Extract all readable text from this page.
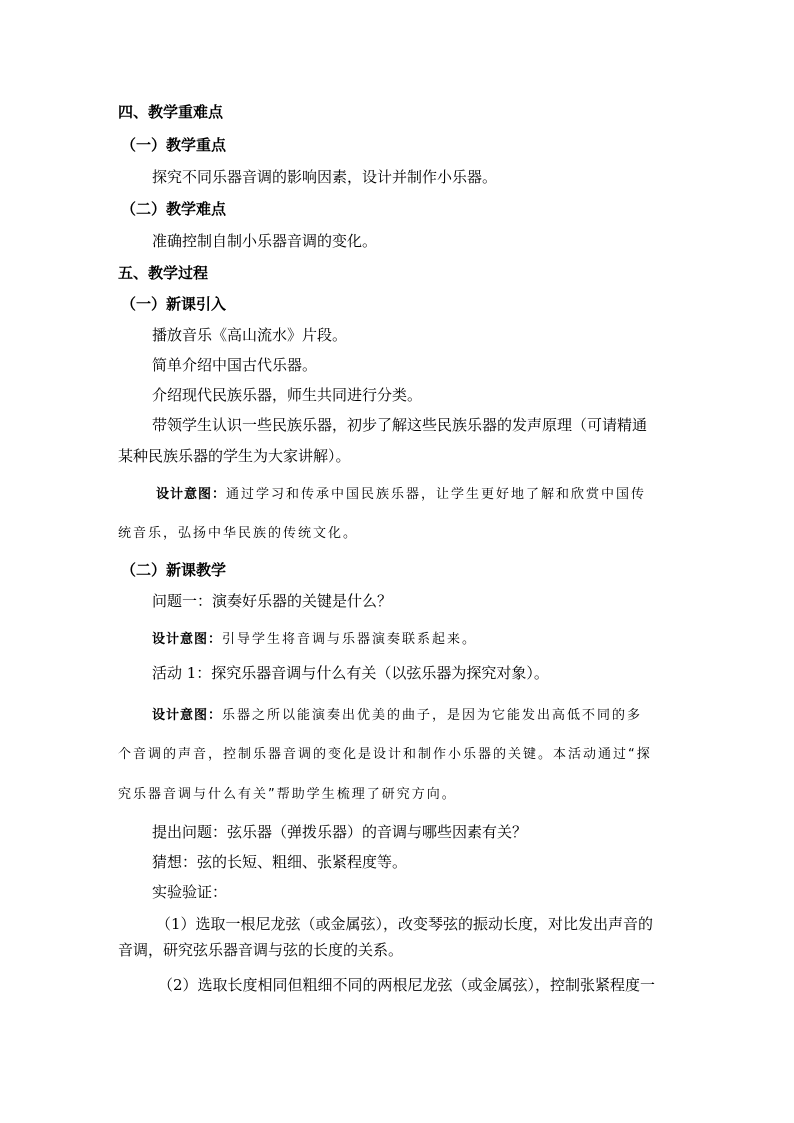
四、教学重难点
（一）教学重点
探究不同乐器音调的影响因素，设计并制作小乐器。
（二）教学难点
准确控制自制小乐器音调的变化。
五、教学过程
（一）新课引入
播放音乐《高山流水》片段。
简单介绍中国古代乐器。
介绍现代民族乐器，师生共同进行分类。
带领学生认识一些民族乐器，初步了解这些民族乐器的发声原理（可请精通
某种民族乐器的学生为大家讲解）。
设计意图：通过学习和传承中国民族乐器，让学生更好地了解和欣赏中国传
统音乐，弘扬中华民族的传统文化。
（二）新课教学
问题一：演奏好乐器的关键是什么？
设计意图：引导学生将音调与乐器演奏联系起来。
活动 1：探究乐器音调与什么有关（以弦乐器为探究对象）。
设计意图：乐器之所以能演奏出优美的曲子，是因为它能发出高低不同的多
个音调的声音，控制乐器音调的变化是设计和制作小乐器的关键。本活动通过“探
究乐器音调与什么有关”帮助学生梳理了研究方向。
提出问题：弦乐器（弹拨乐器）的音调与哪些因素有关？
猜想：弦的长短、粗细、张紧程度等。
实验验证：
（1）选取一根尼龙弦（或金属弦），改变琴弦的振动长度，对比发出声音的
音调，研究弦乐器音调与弦的长度的关系。
（2）选取长度相同但粗细不同的两根尼龙弦（或金属弦），控制张紧程度一
